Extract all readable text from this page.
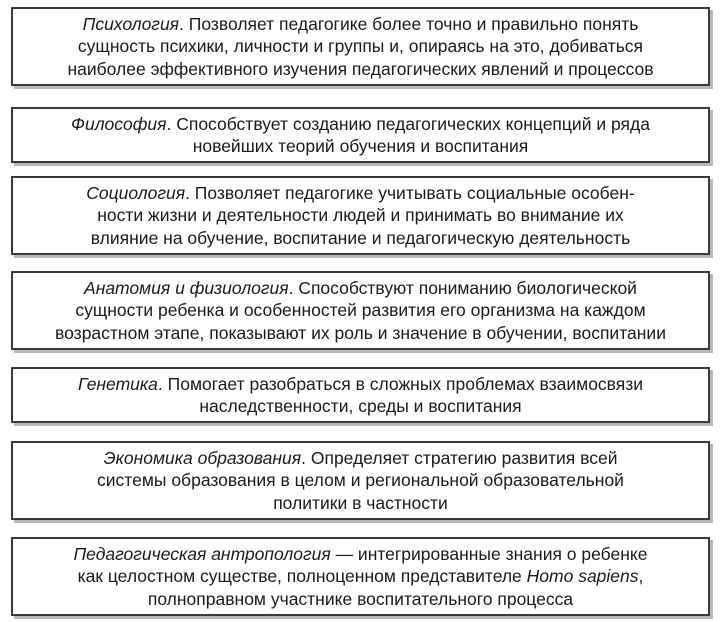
Психология. Позволяет педагогике более точно и правильно понять
сущность психики, личности и группы и, опираясь на это, добиваться
наиболее эффективного изучения педагогических явлений и процессов
Философия. Способствует созданию педагогических концепций и ряда
новейших теорий обучения и воспитания
Социология. Позволяет педагогике учитывать социальные особен-
ности жизни и деятельности людей и принимать во внимание их
влияние на обучение, воспитание и педагогическую деятельность
Анатомия и физиология. Способствуют пониманию биологической
сущности ребенка и особенностей развития его организма на каждом
возрастном этапе, показывают их роль и значение в обучении, воспитании
Генетика. Помогает разобраться в сложных проблемах взаимосвязи
наследственности, среды и воспитания
Экономика образования. Определяет стратегию развития всей
системы образования в целом и региональной образовательной
политики в частности
Педагогическая антропология — интегрированные знания о ребенке
как целостном существе, полноценном представителе Homo sapiens,
полноправном участнике воспитательного процесса
